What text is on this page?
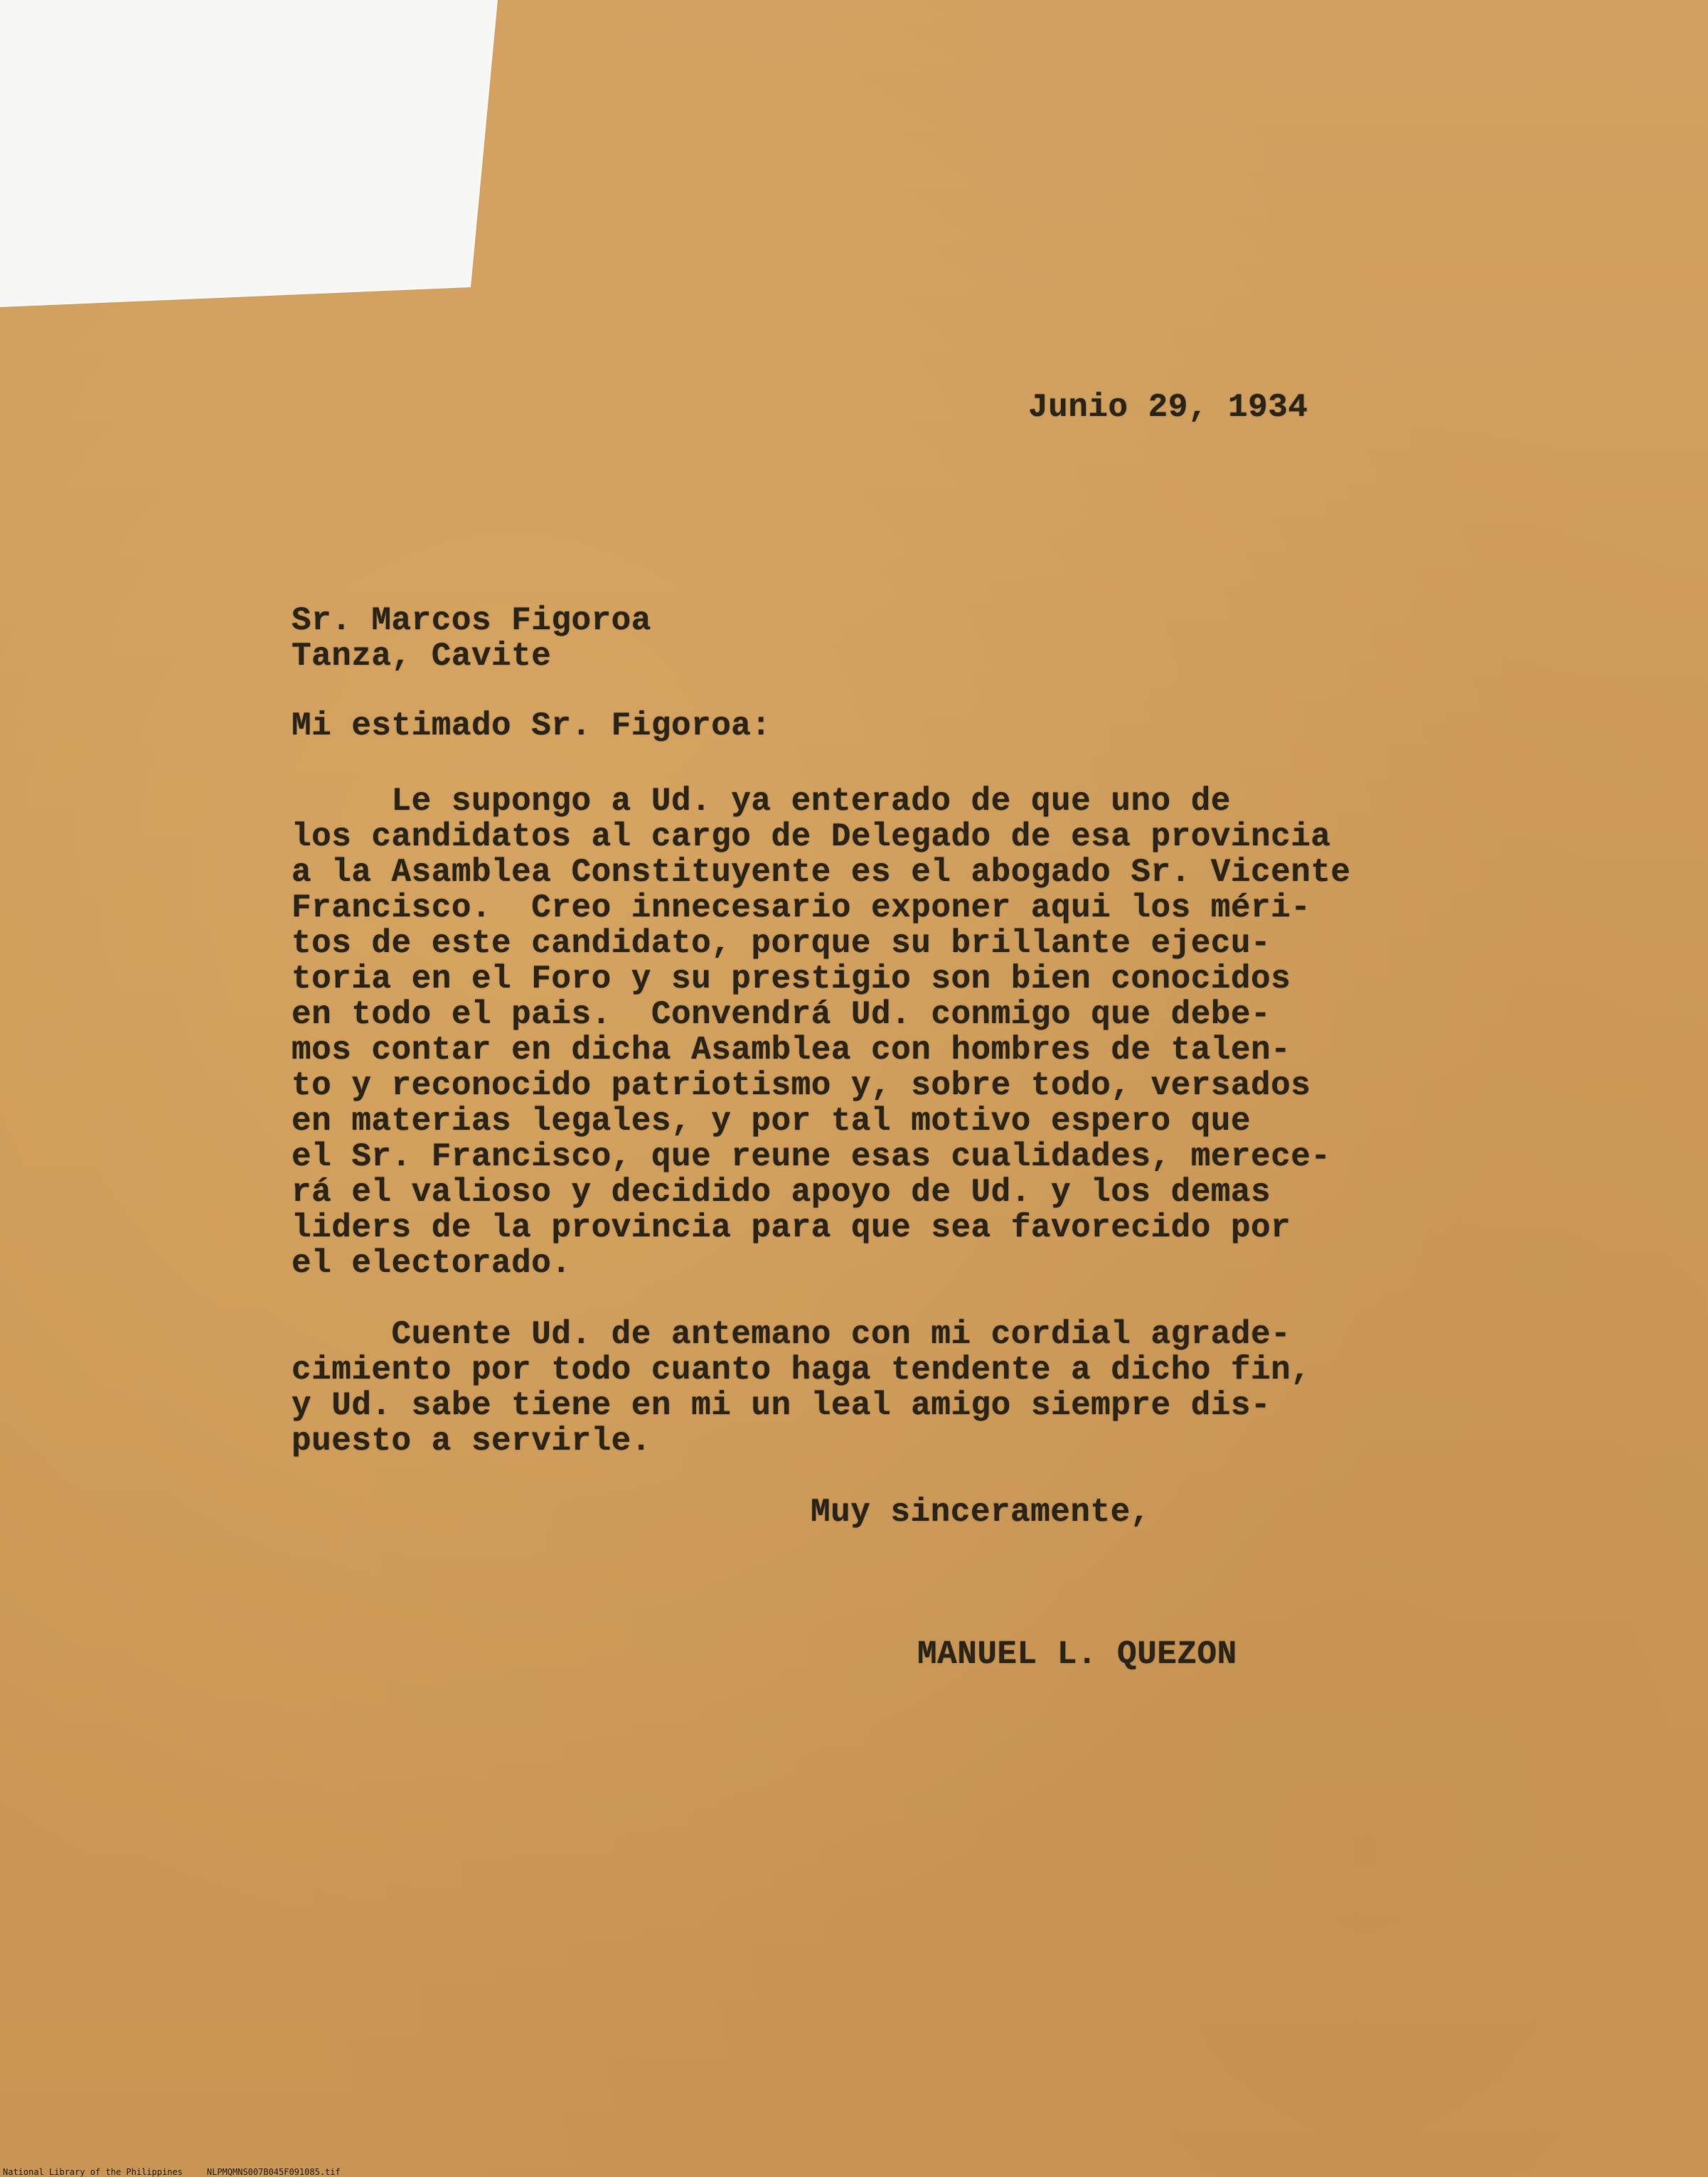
Junio 29, 1934

Sr. Marcos Figoroa

Tanza, Cavite

Mi estimado Sr. Figoroa:

Le supongo a Ud. ya enterado de que uno de
los candidatos al cargo de Delegado de esa provincia
a la Asamblea Constituyente es el abogado Sr. Vicente
Francisco.  Creo innecesario exponer aqui los méri-
tos de este candidato, porque su brillante ejecu-
toria en el Foro y su prestigio son bien conocidos
en todo el pais.  Convendrá Ud. conmigo que debe-
mos contar en dicha Asamblea con hombres de talen-
to y reconocido patriotismo y, sobre todo, versados
en materias legales, y por tal motivo espero que
el Sr. Francisco, que reune esas cualidades, merece-
rá el valioso y decidido apoyo de Ud. y los demas
liders de la provincia para que sea favorecido por
el electorado.

Cuente Ud. de antemano con mi cordial agrade-
cimiento por todo cuanto haga tendente a dicho fin,
y Ud. sabe tiene en mi un leal amigo siempre dis-
puesto a servirle.

Muy sinceramente,

MANUEL L. QUEZON

National Library of the Philippines	NLPMQMNS007B045F091085.tif
